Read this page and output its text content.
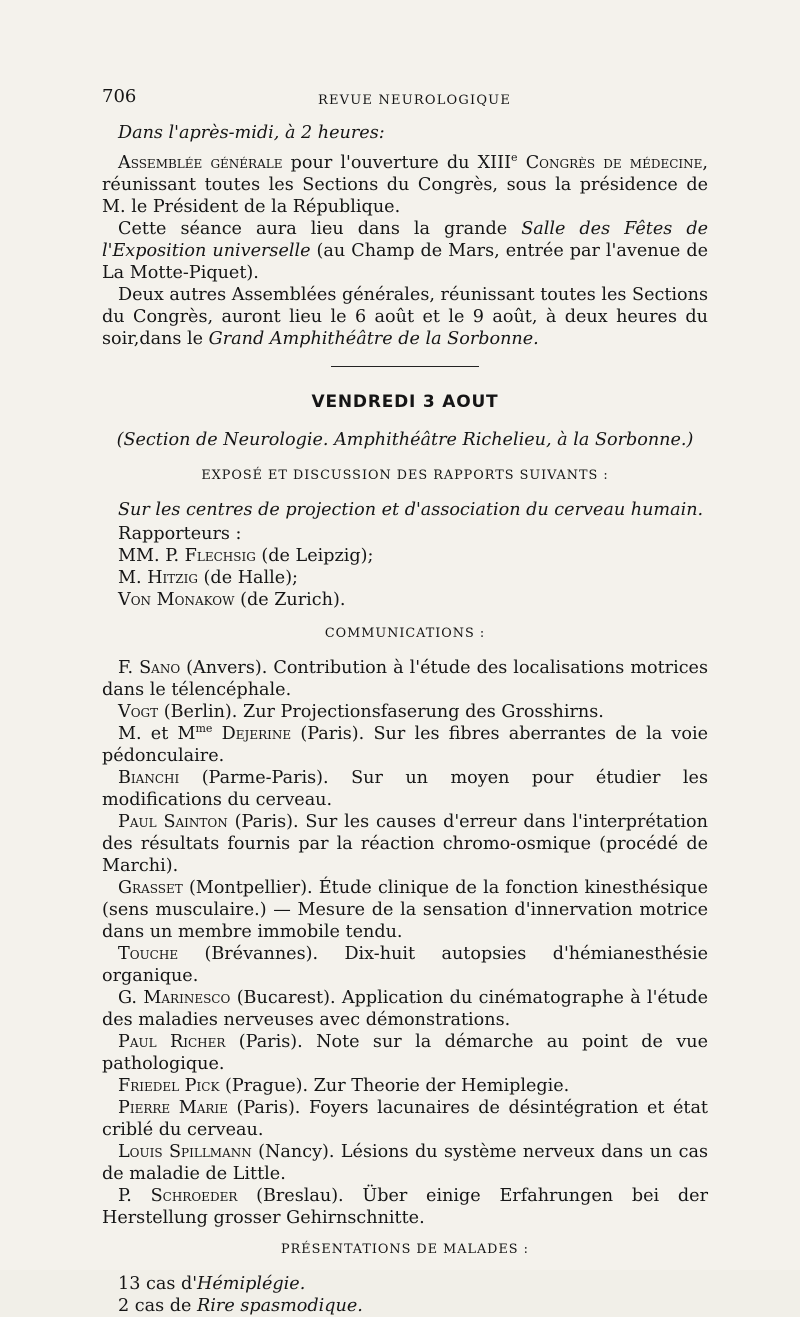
706	REVUE NEUROLOGIQUE
Dans l'après-midi, à 2 heures:

Assemblée générale pour l'ouverture du XIIIe Congrès de médecine, réunissant toutes les Sections du Congrès, sous la présidence de M. le Président de la République.

Cette séance aura lieu dans la grande Salle des Fêtes de l'Exposition universelle (au Champ de Mars, entrée par l'avenue de La Motte-Piquet).

Deux autres Assemblées générales, réunissant toutes les Sections du Congrès, auront lieu le 6 août et le 9 août, à deux heures du soir,dans le Grand Amphithéâtre de la Sorbonne.

VENDREDI 3 AOUT
(Section de Neurologie. Amphithéâtre Richelieu, à la Sorbonne.)
EXPOSÉ ET DISCUSSION DES RAPPORTS SUIVANTS :

Sur les centres de projection et d'association du cerveau humain.

Rapporteurs :

MM. P. Flechsig (de Leipzig);

M. Hitzig (de Halle);

Von Monakow (de Zurich).

COMMUNICATIONS :

F. Sano (Anvers). Contribution à l'étude des localisations motrices dans le télencéphale.

Vogt (Berlin). Zur Projectionsfaserung des Grosshirns.

M. et $M^{me}$ Dejerine (Paris). Sur les fibres aberrantes de la voie pédonculaire.

Bianchi (Parme-Paris). Sur un moyen pour étudier les modifications du cerveau.

Paul Sainton (Paris). Sur les causes d'erreur dans l'interprétation des résultats fournis par la réaction chromo-osmique (procédé de Marchi).

Grasset (Montpellier). Étude clinique de la fonction kinesthésique (sens musculaire.) — Mesure de la sensation d'innervation motrice dans un membre immobile tendu.

Touche (Brévannes). Dix-huit autopsies d'hémianesthésie organique.

G. Marinesco (Bucarest). Application du cinématographe à l'étude des maladies nerveuses avec démonstrations.

Paul Richer (Paris). Note sur la démarche au point de vue pathologique.

Friedel Pick (Prague). Zur Theorie der Hemiplegie.

Pierre Marie (Paris). Foyers lacunaires de désintégration et état criblé du cerveau.

Louis Spillmann (Nancy). Lésions du système nerveux dans un cas de maladie de Little.

P. Schroeder (Breslau). Über einige Erfahrungen bei der Herstellung grosser Gehirnschnitte.

PRÉSENTATIONS DE MALADES :

13 cas d'Hémiplégie.

2 cas de Rire spasmodique.
